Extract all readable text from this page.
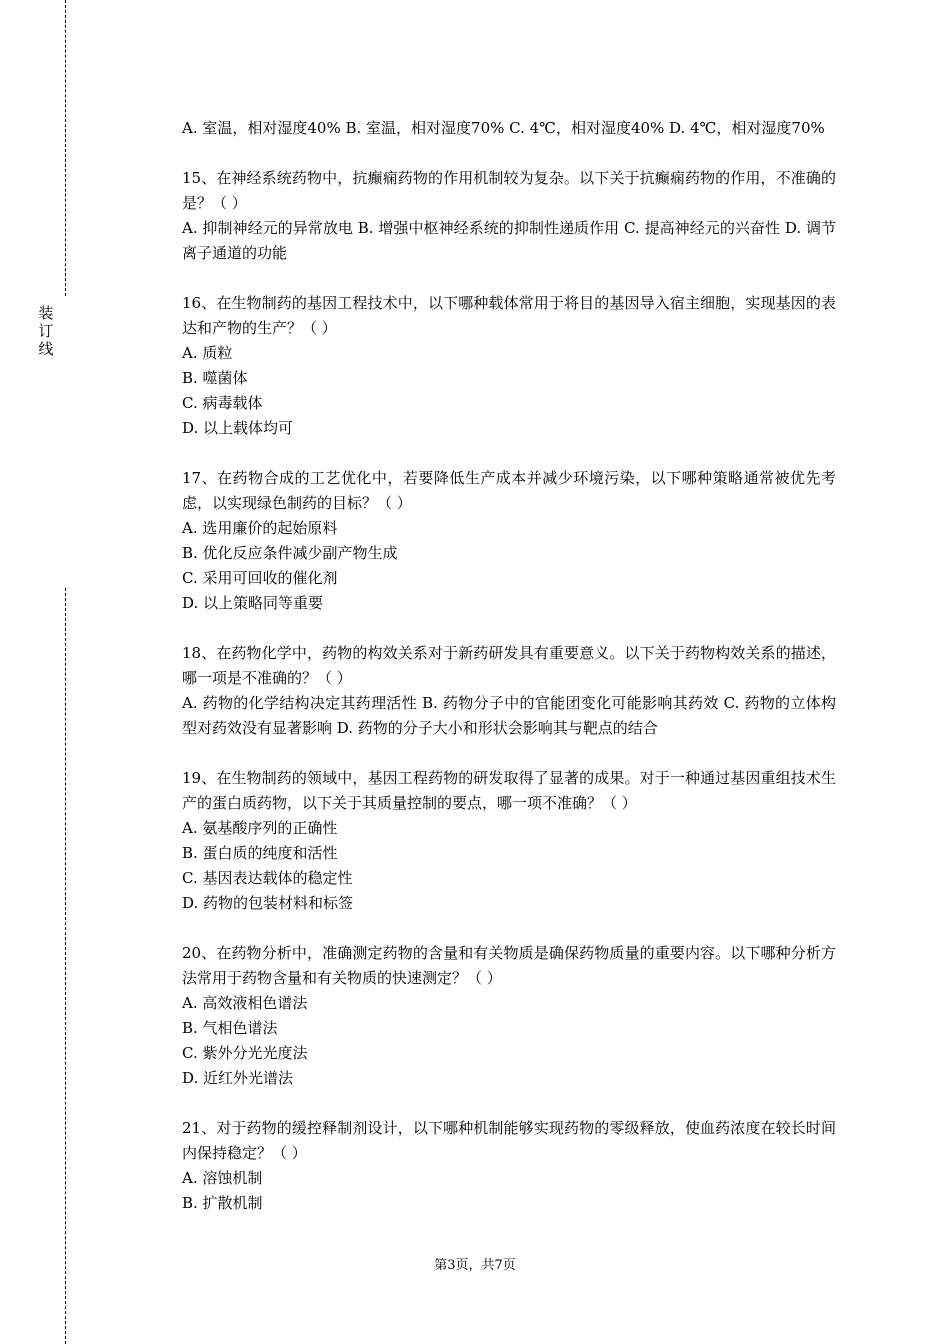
装订线

A. 室温，相对湿度40% B. 室温，相对湿度70% C. 4℃，相对湿度40% D. 4℃，相对湿度70%

15、在神经系统药物中，抗癫痫药物的作用机制较为复杂。以下关于抗癫痫药物的作用，不准确的是？（ ）

A. 抑制神经元的异常放电 B. 增强中枢神经系统的抑制性递质作用 C. 提高神经元的兴奋性 D. 调节离子通道的功能

16、在生物制药的基因工程技术中，以下哪种载体常用于将目的基因导入宿主细胞，实现基因的表达和产物的生产？（ ）

A. 质粒

B. 噬菌体

C. 病毒载体

D. 以上载体均可

17、在药物合成的工艺优化中，若要降低生产成本并减少环境污染，以下哪种策略通常被优先考虑，以实现绿色制药的目标？（ ）

A. 选用廉价的起始原料

B. 优化反应条件减少副产物生成

C. 采用可回收的催化剂

D. 以上策略同等重要

18、在药物化学中，药物的构效关系对于新药研发具有重要意义。以下关于药物构效关系的描述，哪一项是不准确的？（ ）

A. 药物的化学结构决定其药理活性 B. 药物分子中的官能团变化可能影响其药效 C. 药物的立体构型对药效没有显著影响 D. 药物的分子大小和形状会影响其与靶点的结合

19、在生物制药的领域中，基因工程药物的研发取得了显著的成果。对于一种通过基因重组技术生产的蛋白质药物，以下关于其质量控制的要点，哪一项不准确？（ ）

A. 氨基酸序列的正确性

B. 蛋白质的纯度和活性

C. 基因表达载体的稳定性

D. 药物的包装材料和标签

20、在药物分析中，准确测定药物的含量和有关物质是确保药物质量的重要内容。以下哪种分析方法常用于药物含量和有关物质的快速测定？（ ）

A. 高效液相色谱法

B. 气相色谱法

C. 紫外分光光度法

D. 近红外光谱法

21、对于药物的缓控释制剂设计，以下哪种机制能够实现药物的零级释放，使血药浓度在较长时间内保持稳定？（ ）

A. 溶蚀机制

B. 扩散机制

第3页，共7页
